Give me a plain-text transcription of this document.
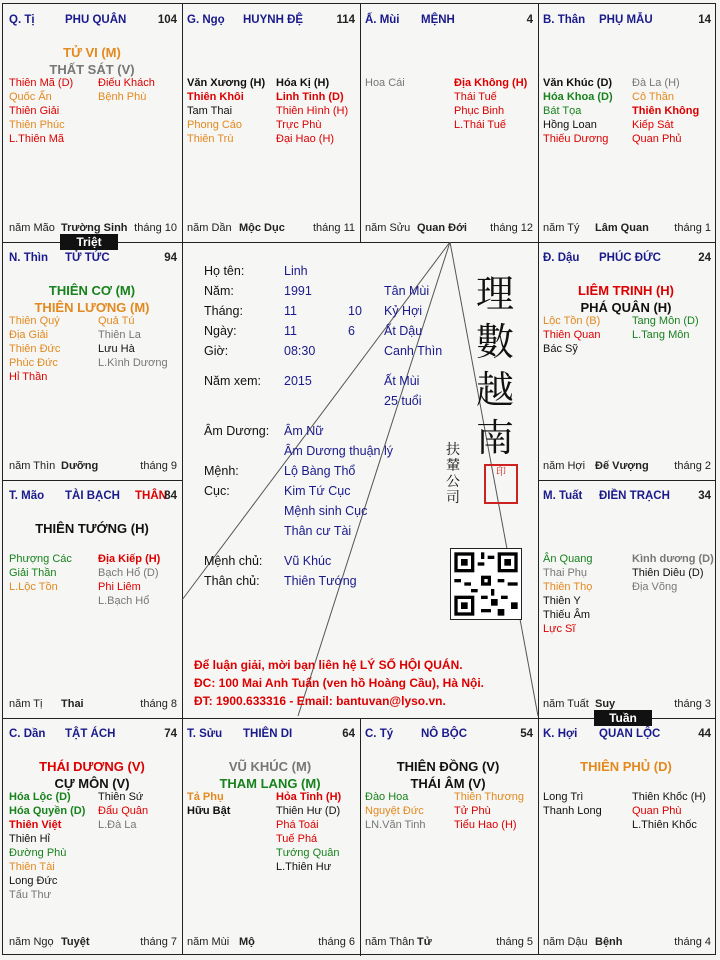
Q. Tị	PHU QUÂN	104
TỬ VI (M)
THẤT SÁT (V)
Thiên Mã (D)
Quốc Ấn
Thiên Giải
Thiên Phúc
L.Thiên Mã
Điếu Khách
Bệnh Phù
năm Mão Trường Sinh tháng 10
G. Ngọ HUYNH ĐỆ	114
Văn Xương (H)
Thiên Khôi
Tam Thai
Phong Cáo
Thiên Trù
Hóa Kị (H)
Linh Tinh (D)
Thiên Hình (H)
Trực Phù
Đại Hao (H)
năm Dần Mộc Dục	tháng 11
Ấ. Mùi MỆNH	4
Hoa Cái	Địa Không (H)
Thái Tuế
Phục Binh
L.Thái Tuế
năm Sửu Quan Đới tháng 12
B. Thân PHỤ MẪU	14
Văn Khúc (D)
Hóa Khoa (D)
Bát Tọa
Hồng Loan
Thiếu Dương
Đà La (H)
Cô Thần
Thiên Không
Kiếp Sát
Quan Phủ
năm Tý Lâm Quan tháng 1
N. Thìn TỬ TỨC	94
THIÊN CƠ (M)
THIÊN LƯƠNG (M)
Thiên Quý
Địa Giải
Thiên Đức
Phúc Đức
Hỉ Thần
Quả Tú
Thiên La
Lưu Hà
L.Kình Dương
năm Thìn Dưỡng	tháng 9
Đ. Dậu PHÚC ĐỨC	24
LIÊM TRINH (H)
PHÁ QUÂN (H)
Lộc Tồn (B)
Thiên Quan
Bác Sỹ
Tang Môn (D)
L.Tang Môn
năm Hợi Đế Vượng tháng 2
T. Mão TÀI BẠCH THÂN
84
THIÊN TƯỚNG (H)
Phượng Các
Giải Thần
L.Lộc Tồn
Địa Kiếp (H)
Bạch Hổ (D)
Phi Liêm
L.Bạch Hổ
năm Tị Thai	tháng 8
M. Tuất ĐIỀN TRẠCH 34
Ân Quang
Thai Phụ
Thiên Thọ
Thiên Y
Thiếu Âm
Lực Sĩ
Kình dương (D)
Thiên Diêu (D)
Địa Võng
năm Tuất Suy	tháng 3
C. Dần TẬT ÁCH	74
THÁI DƯƠNG (V)
CỰ MÔN (V)
Hóa Lộc (D)
Hóa Quyền (D)
Thiên Việt
Thiên Hỉ
Đường Phù
Thiên Tài
Long Đức
Tấu Thư
Thiên Sứ
Đẩu Quân
L.Đà La
năm Ngọ Tuyệt	tháng 7
T. Sửu THIÊN DI	64
VŨ KHÚC (M)
THAM LANG (M)
Tả Phụ
Hữu Bật
Hỏa Tinh (H)
Thiên Hư (D)
Phá Toái
Tuế Phá
Tướng Quân
L.Thiên Hư
năm Mùi Mộ	tháng 6
C. Tý NÔ BỘC	54
THIÊN ĐỒNG (V)
THÁI ÂM (V)
Đào Hoa
Nguyệt Đức
LN.Văn Tinh
Thiên Thương
Tử Phù
Tiểu Hao (H)
năm Thân Tử	tháng 5
K. Hợi QUAN LỘC	44
THIÊN PHỦ (D)
Long Trì
Thanh Long
Thiên Khốc (H)
Quan Phù
L.Thiên Khốc
năm Dậu Bệnh	tháng 4
Triệt
Tuần
Họ tên:	Linh
Năm:	1991	Tân Mùi
Tháng:	11	10 Kỷ Hợi
Ngày:	11	6 Ất Dậu
Giờ:	08:30	Canh Thìn
Năm xem: 2015	Ất Mùi
25 tuổi
Âm Dương: Âm Nữ
Âm Dương thuận lý
Mệnh:	Lộ Bàng Thổ
Cục:	Kim Tứ Cục
Mệnh sinh Cục
Thân cư Tài
Mệnh chủ: Vũ Khúc
Thân chủ: Thiên Tướng
理數越南
扶輦公司
印
Để luận giải, mời bạn liên hệ LÝ SỐ HỘI QUÁN.
ĐC: 100 Mai Anh Tuấn (ven hồ Hoàng Cầu), Hà Nội.
ĐT: 1900.633316 - Email: bantuvan@lyso.vn.
